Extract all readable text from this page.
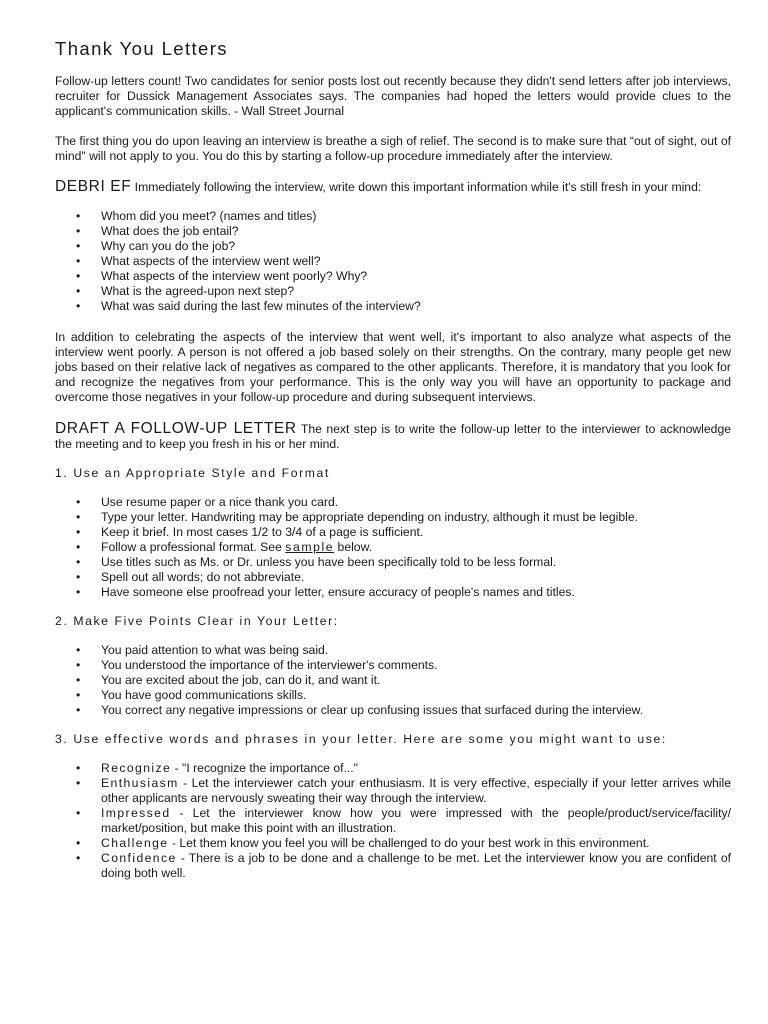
Thank You Letters

Follow-up letters count! Two candidates for senior posts lost out recently because they didn't send letters after job interviews, recruiter for Dussick Management Associates says. The companies had hoped the letters would provide clues to the applicant's communication skills. - Wall Street Journal

The first thing you do upon leaving an interview is breathe a sigh of relief. The second is to make sure that “out of sight, out of mind" will not apply to you. You do this by starting a follow-up procedure immediately after the interview.

DEBRI EF Immediately following the interview, write down this important information while it's still fresh in your mind:

• Whom did you meet? (names and titles)
• What does the job entail?
• Why can you do the job?
• What aspects of the interview went well?
• What aspects of the interview went poorly? Why?
• What is the agreed-upon next step?
• What was said during the last few minutes of the interview?

In addition to celebrating the aspects of the interview that went well, it's important to also analyze what aspects of the interview went poorly. A person is not offered a job based solely on their strengths. On the contrary, many people get new jobs based on their relative lack of negatives as compared to the other applicants. Therefore, it is mandatory that you look for and recognize the negatives from your performance. This is the only way you will have an opportunity to package and overcome those negatives in your follow-up procedure and during subsequent interviews.

DRAFT A FOLLOW-UP LETTER The next step is to write the follow-up letter to the interviewer to acknowledge the meeting and to keep you fresh in his or her mind.

1. Use an Appropriate Style and Format
• Use resume paper or a nice thank you card.
• Type your letter. Handwriting may be appropriate depending on industry, although it must be legible.
• Keep it brief. In most cases 1/2 to 3/4 of a page is sufficient.
• Follow a professional format. See sample below.
• Use titles such as Ms. or Dr. unless you have been specifically told to be less formal.
• Spell out all words; do not abbreviate.
• Have someone else proofread your letter, ensure accuracy of people's names and titles.
2. Make Five Points Clear in Your Letter:
• You paid attention to what was being said.
• You understood the importance of the interviewer's comments.
• You are excited about the job, can do it, and want it.
• You have good communications skills.
• You correct any negative impressions or clear up confusing issues that surfaced during the interview.
3. Use effective words and phrases in your letter. Here are some you might want to use:
• Recognize - "I recognize the importance of..."
• Enthusiasm - Let the interviewer catch your enthusiasm. It is very effective, especially if your letter arrives while other applicants are nervously sweating their way through the interview.
• Impressed - Let the interviewer know how you were impressed with the people/product/service/facility/ market/position, but make this point with an illustration.
• Challenge - Let them know you feel you will be challenged to do your best work in this environment.
• Confidence - There is a job to be done and a challenge to be met. Let the interviewer know you are confident of doing both well.
